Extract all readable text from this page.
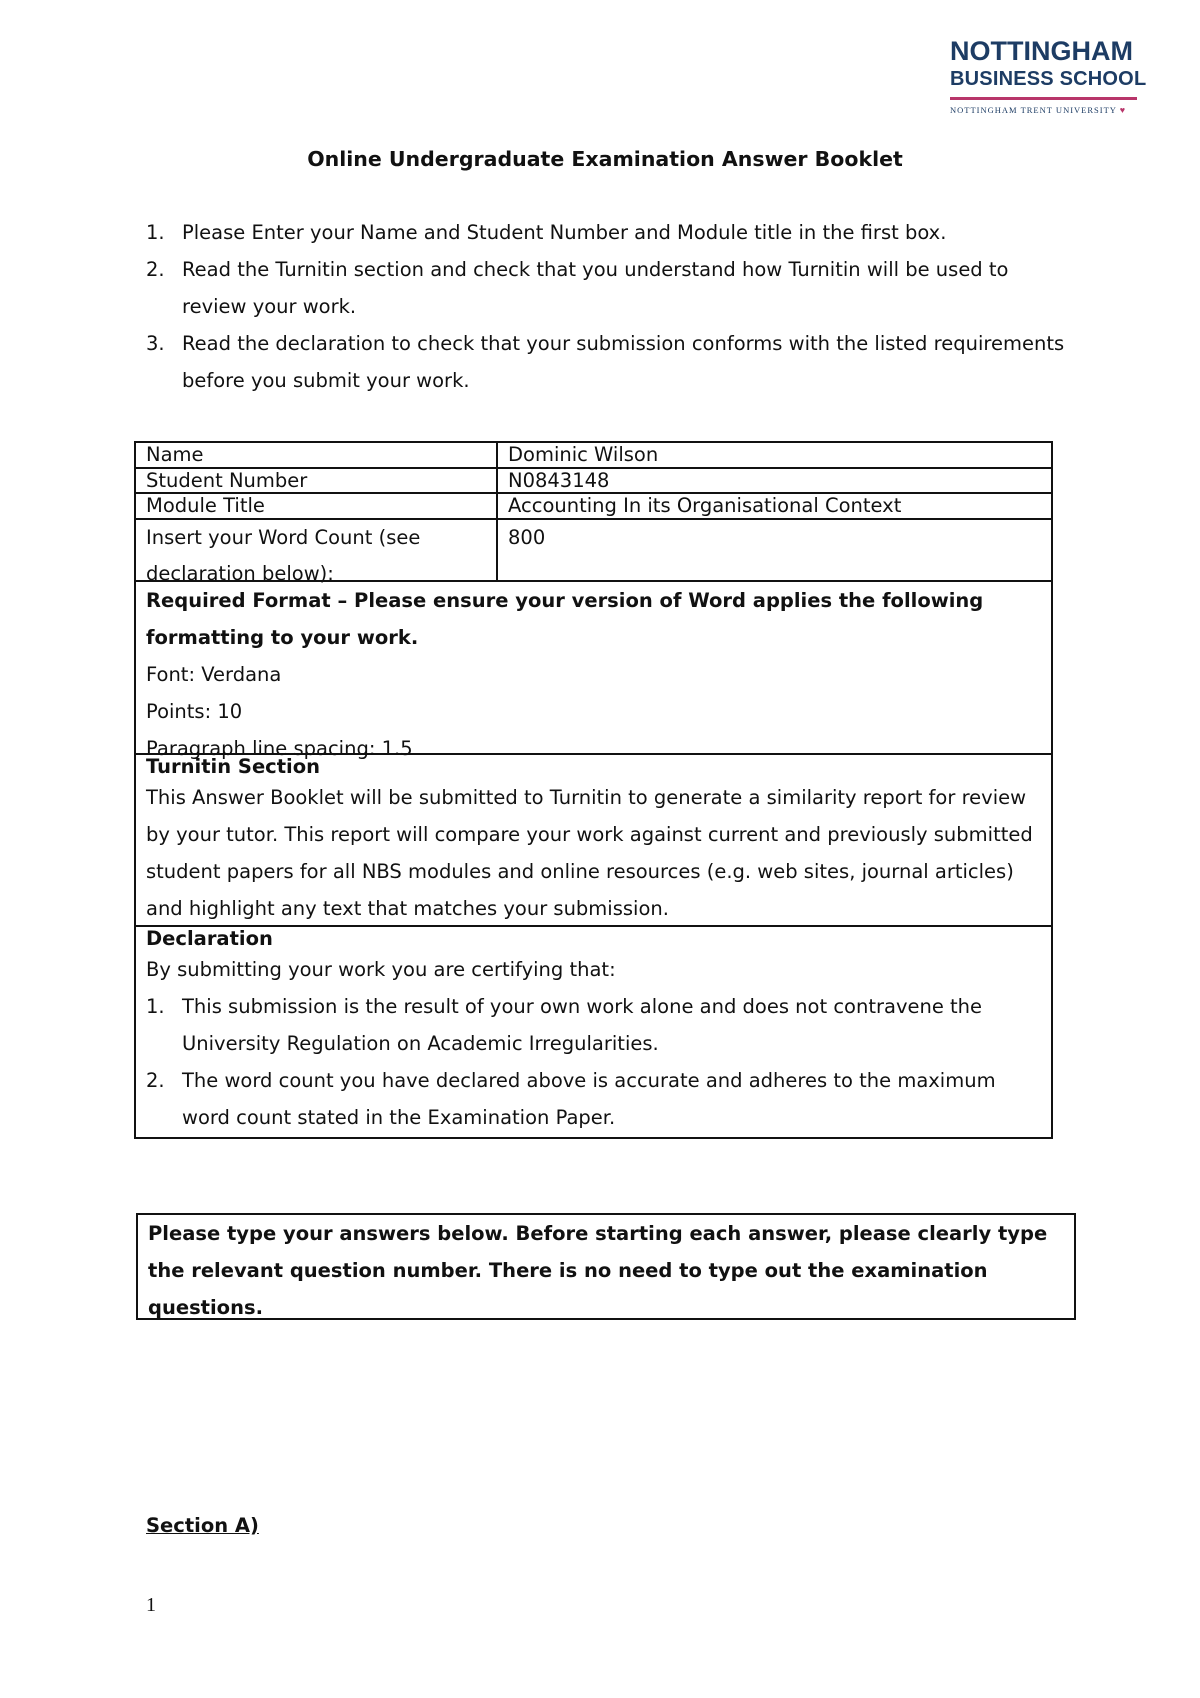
NOTTINGHAM
BUSINESS SCHOOL
NOTTINGHAM TRENT UNIVERSITY ♥
Online Undergraduate Examination Answer Booklet
1. Please Enter your Name and Student Number and Module title in the first box.
2. Read the Turnitin section and check that you understand how Turnitin will be used to review your work.
3. Read the declaration to check that your submission conforms with the listed requirements before you submit your work.
Name	Dominic Wilson
Student Number	N0843148
Module Title	Accounting In its Organisational Context
Insert your Word Count (see declaration below):
800
Required Format – Please ensure your version of Word applies the following formatting to your work.
Font: Verdana
Points: 10
Paragraph line spacing: 1.5
Turnitin Section
This Answer Booklet will be submitted to Turnitin to generate a similarity report for review by your tutor. This report will compare your work against current and previously submitted student papers for all NBS modules and online resources (e.g. web sites, journal articles) and highlight any text that matches your submission.
Declaration
By submitting your work you are certifying that:
1. This submission is the result of your own work alone and does not contravene the University Regulation on Academic Irregularities.
2. The word count you have declared above is accurate and adheres to the maximum word count stated in the Examination Paper.
Please type your answers below. Before starting each answer, please clearly type the relevant question number. There is no need to type out the examination questions.
Section A)
1
